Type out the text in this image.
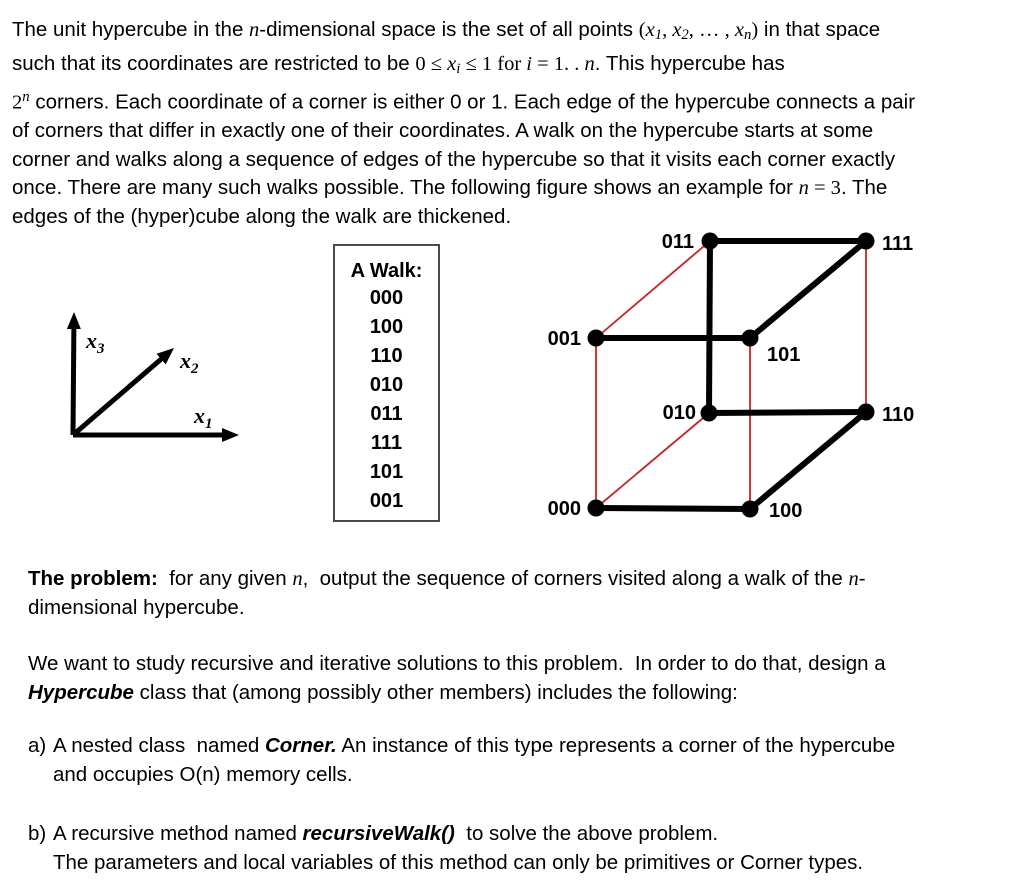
The unit hypercube in the n-dimensional space is the set of all points ($x_1$, $x_2$, … , $x_n$) in that space
such that its coordinates are restricted to be $0 \le x_i \le 1$ for i = 1. . n. This hypercube has
2$^n$ corners. Each coordinate of a corner is either 0 or 1. Each edge of the hypercube connects a pair
of corners that differ in exactly one of their coordinates. A walk on the hypercube starts at some
corner and walks along a sequence of edges of the hypercube so that it visits each corner exactly
once. There are many such walks possible. The following figure shows an example for n = 3. The
edges of the (hyper)cube along the walk are thickened.
$x_3$	$x_2$
$x_1$
A Walk:
000
100
110
010
011
111
101
001
011	111
001
101
010	110
000	100
The problem:  for any given n,  output the sequence of corners visited along a walk of the n-
dimensional hypercube.
We want to study recursive and iterative solutions to this problem.  In order to do that, design a
Hypercube class that (among possibly other members) includes the following:
a) A nested class  named Corner. An instance of this type represents a corner of the hypercube
and occupies O(n) memory cells.
b) A recursive method named recursiveWalk()  to solve the above problem.
The parameters and local variables of this method can only be primitives or Corner types.
